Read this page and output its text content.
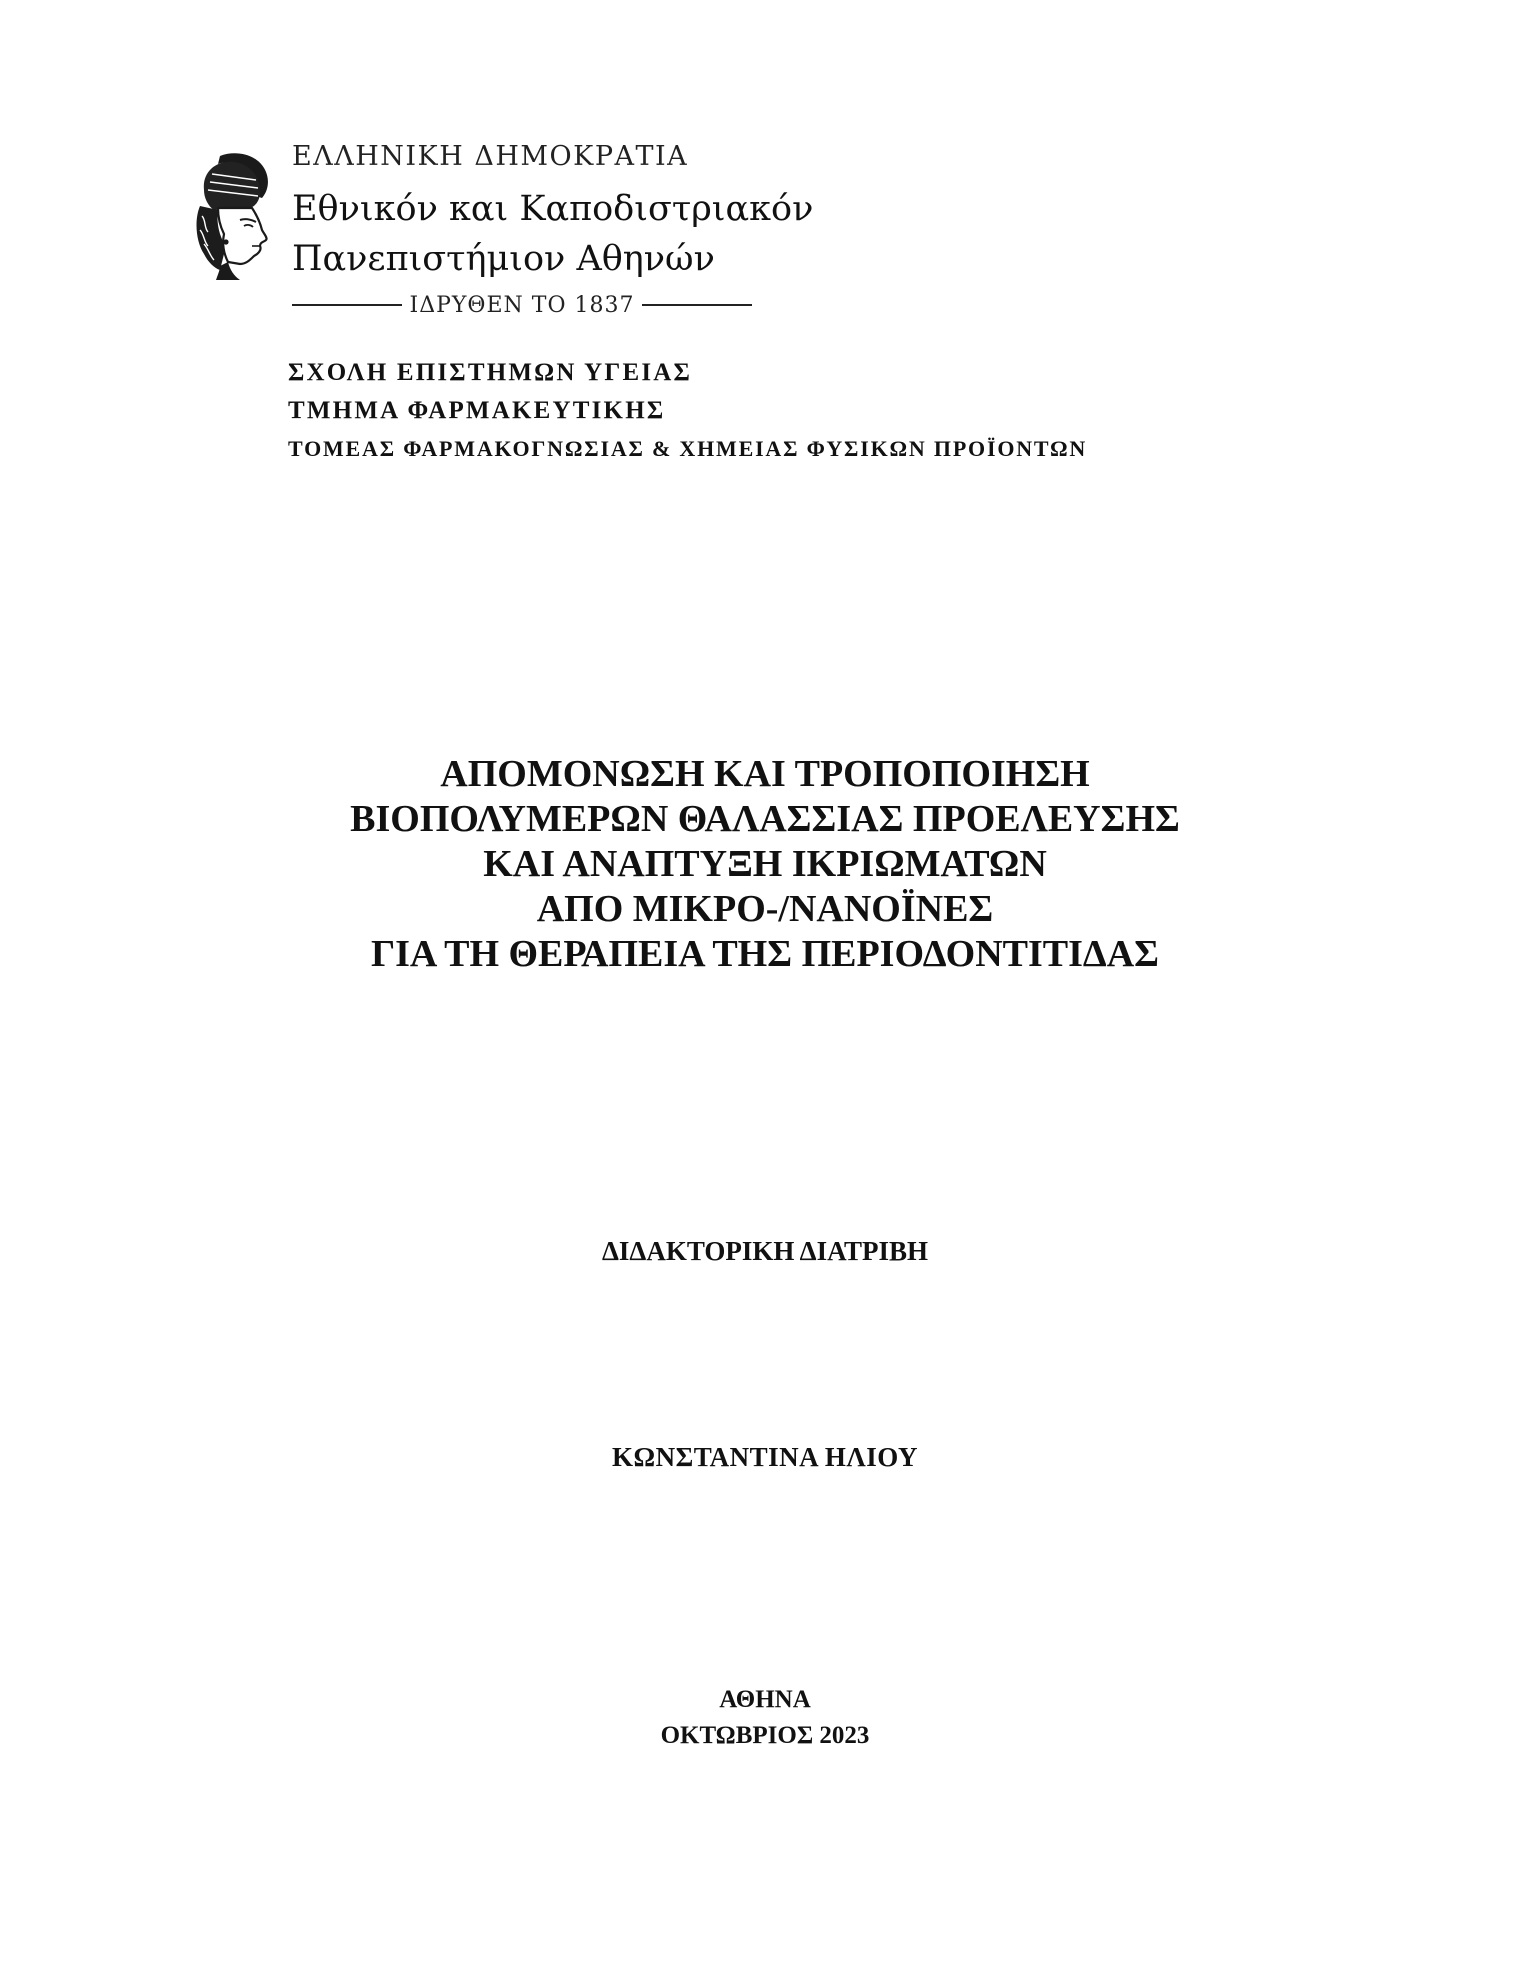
ΕΛΛΗΝΙΚΗ ΔΗΜΟΚΡΑΤΙΑ
Εθνικόν και Καποδιστριακόν
Πανεπιστήμιον Αθηνών
ΙΔΡΥΘΕΝ ΤΟ 1837
ΣΧΟΛΗ ΕΠΙΣΤΗΜΩΝ ΥΓΕΙΑΣ
ΤΜΗΜΑ ΦΑΡΜΑΚΕΥΤΙΚΗΣ
ΤΟΜΕΑΣ ΦΑΡΜΑΚΟΓΝΩΣΙΑΣ & ΧΗΜΕΙΑΣ ΦΥΣΙΚΩΝ ΠΡΟΪΟΝΤΩΝ
ΑΠΟΜΟΝΩΣΗ ΚΑΙ ΤΡΟΠΟΠΟΙΗΣΗ
ΒΙΟΠΟΛΥΜΕΡΩΝ ΘΑΛΑΣΣΙΑΣ ΠΡΟΕΛΕΥΣΗΣ
ΚΑΙ ΑΝΑΠΤΥΞΗ ΙΚΡΙΩΜΑΤΩΝ
ΑΠΟ ΜΙΚΡΟ-/ΝΑΝΟΪΝΕΣ
ΓΙΑ ΤΗ ΘΕΡΑΠΕΙΑ ΤΗΣ ΠΕΡΙΟΔΟΝΤΙΤΙΔΑΣ
ΔΙΔΑΚΤΟΡΙΚΗ ΔΙΑΤΡΙΒΗ
ΚΩΝΣΤΑΝΤΙΝΑ ΗΛΙΟΥ
ΑΘΗΝΑ
ΟΚΤΩΒΡΙΟΣ 2023
